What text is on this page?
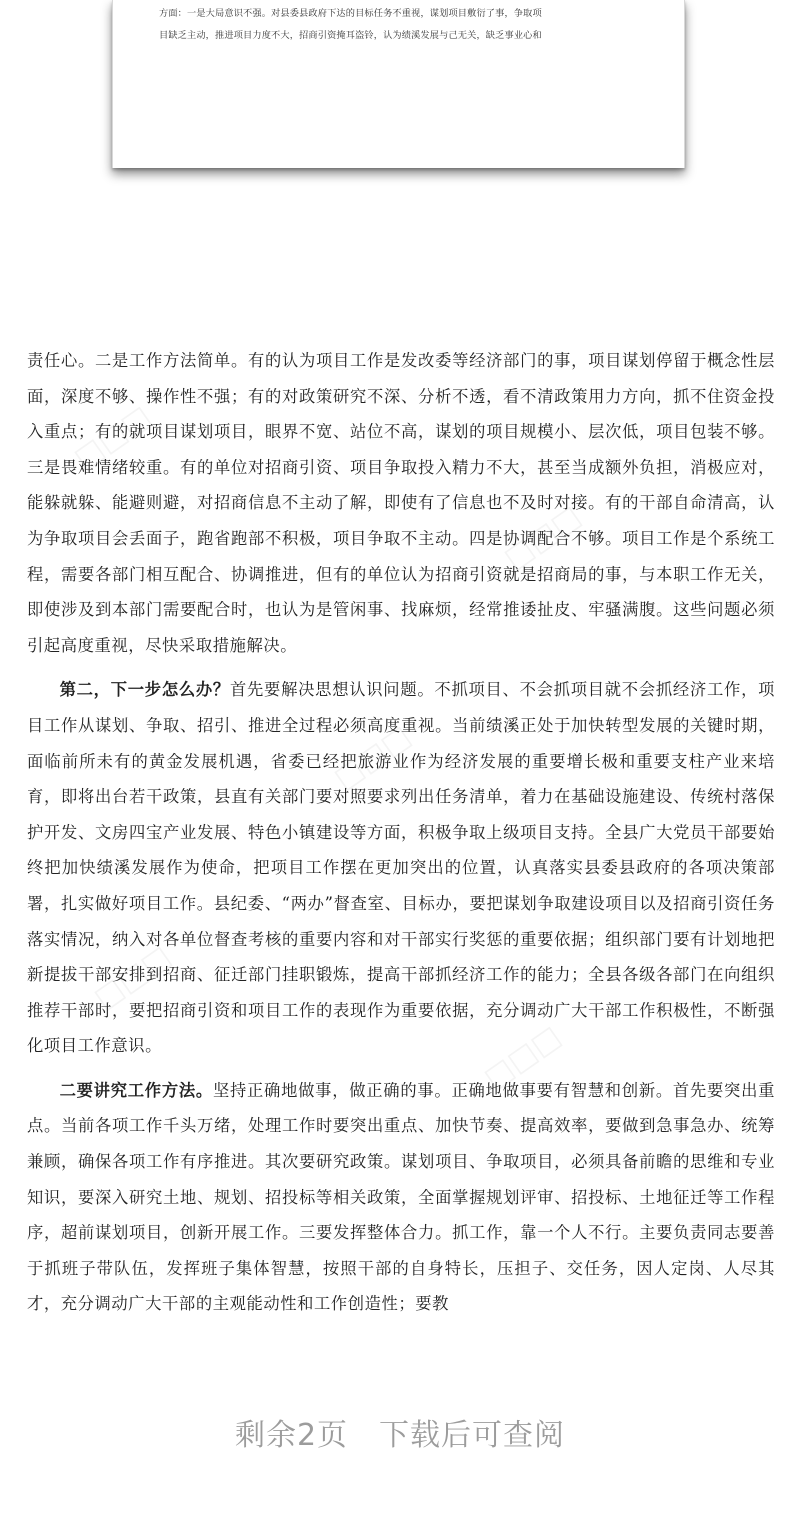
方面：一是大局意识不强。对县委县政府下达的目标任务不重视，谋划项目敷衍了事，争取项

目缺乏主动，推进项目力度不大，招商引资掩耳盗铃，认为绩溪发展与己无关，缺乏事业心和

□□□
□□□
□□□
□□□
□□□

责任心。二是工作方法简单。有的认为项目工作是发改委等经济部门的事，项目谋划停留于概念性层面，深度不够、操作性不强；有的对政策研究不深、分析不透，看不清政策用力方向，抓不住资金投入重点；有的就项目谋划项目，眼界不宽、站位不高，谋划的项目规模小、层次低，项目包装不够。三是畏难情绪较重。有的单位对招商引资、项目争取投入精力不大，甚至当成额外负担，消极应对，能躲就躲、能避则避，对招商信息不主动了解，即使有了信息也不及时对接。有的干部自命清高，认为争取项目会丢面子，跑省跑部不积极，项目争取不主动。四是协调配合不够。项目工作是个系统工程，需要各部门相互配合、协调推进，但有的单位认为招商引资就是招商局的事，与本职工作无关，即使涉及到本部门需要配合时，也认为是管闲事、找麻烦，经常推诿扯皮、牢骚满腹。这些问题必须引起高度重视，尽快采取措施解决。

第二，下一步怎么办？首先要解决思想认识问题。不抓项目、不会抓项目就不会抓经济工作，项目工作从谋划、争取、招引、推进全过程必须高度重视。当前绩溪正处于加快转型发展的关键时期，面临前所未有的黄金发展机遇，省委已经把旅游业作为经济发展的重要增长极和重要支柱产业来培育，即将出台若干政策，县直有关部门要对照要求列出任务清单，着力在基础设施建设、传统村落保护开发、文房四宝产业发展、特色小镇建设等方面，积极争取上级项目支持。全县广大党员干部要始终把加快绩溪发展作为使命，把项目工作摆在更加突出的位置，认真落实县委县政府的各项决策部署，扎实做好项目工作。县纪委、“两办”督查室、目标办，要把谋划争取建设项目以及招商引资任务落实情况，纳入对各单位督查考核的重要内容和对干部实行奖惩的重要依据；组织部门要有计划地把新提拔干部安排到招商、征迁部门挂职锻炼，提高干部抓经济工作的能力；全县各级各部门在向组织推荐干部时，要把招商引资和项目工作的表现作为重要依据，充分调动广大干部工作积极性，不断强化项目工作意识。

二要讲究工作方法。坚持正确地做事，做正确的事。正确地做事要有智慧和创新。首先要突出重点。当前各项工作千头万绪，处理工作时要突出重点、加快节奏、提高效率，要做到急事急办、统筹兼顾，确保各项工作有序推进。其次要研究政策。谋划项目、争取项目，必须具备前瞻的思维和专业知识，要深入研究土地、规划、招投标等相关政策，全面掌握规划评审、招投标、土地征迁等工作程序，超前谋划项目，创新开展工作。三要发挥整体合力。抓工作，靠一个人不行。主要负责同志要善于抓班子带队伍，发挥班子集体智慧，按照干部的自身特长，压担子、交任务，因人定岗、人尽其才，充分调动广大干部的主观能动性和工作创造性；要教

剩余2页　下载后可查阅
